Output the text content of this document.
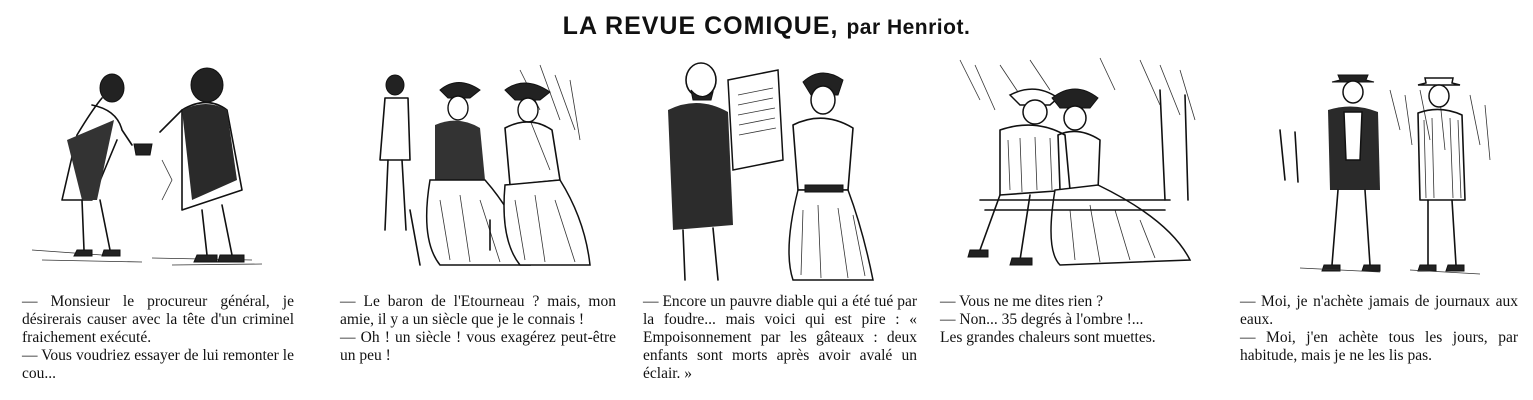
LA REVUE COMIQUE, par Henriot.

— Monsieur le procureur général, je désirerais causer avec la tête d'un criminel fraichement exécuté.

— Vous voudriez essayer de lui remonter le cou...

— Le baron de l'Etourneau ? mais, mon amie, il y a un siècle que je le connais !

— Oh ! un siècle ! vous exagérez peut-être un peu !

— Encore un pauvre diable qui a été tué par la foudre... mais voici qui est pire : « Empoisonnement par les gâteaux : deux enfants sont morts après avoir avalé un éclair. »

— Vous ne me dites rien ?

— Non... 35 degrés à l'ombre !...

Les grandes chaleurs sont muettes.

— Moi, je n'achète jamais de journaux aux eaux.

— Moi, j'en achète tous les jours, par habitude, mais je ne les lis pas.
